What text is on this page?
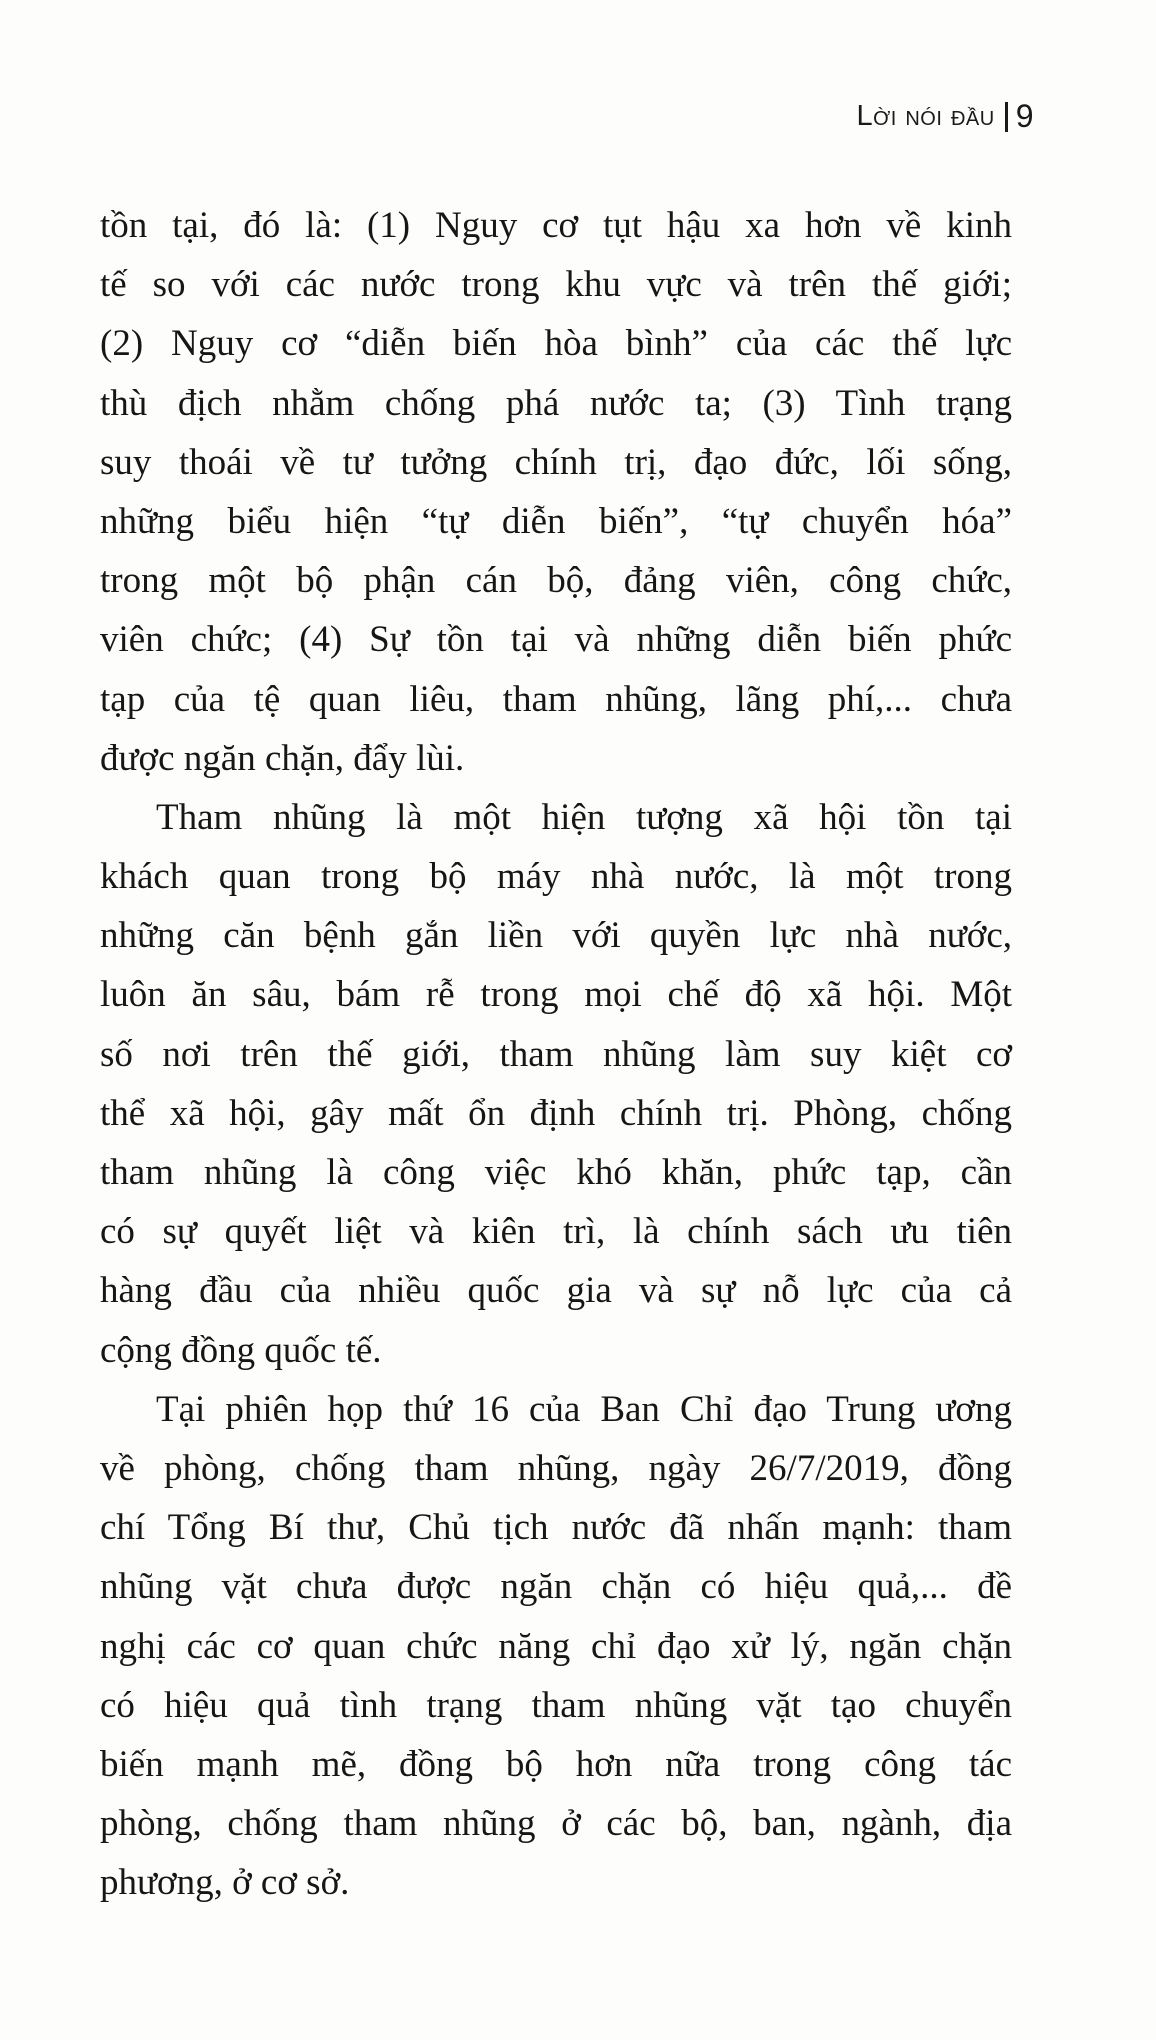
Lời nói đầu 9
tồn tại, đó là: (1) Nguy cơ tụt hậu xa hơn về kinh
tế so với các nước trong khu vực và trên thế giới;
(2) Nguy cơ “diễn biến hòa bình” của các thế lực
thù địch nhằm chống phá nước ta; (3) Tình trạng
suy thoái về tư tưởng chính trị, đạo đức, lối sống,
những biểu hiện “tự diễn biến”, “tự chuyển hóa”
trong một bộ phận cán bộ, đảng viên, công chức,
viên chức; (4) Sự tồn tại và những diễn biến phức
tạp của tệ quan liêu, tham nhũng, lãng phí,... chưa
được ngăn chặn, đẩy lùi.
Tham nhũng là một hiện tượng xã hội tồn tại
khách quan trong bộ máy nhà nước, là một trong
những căn bệnh gắn liền với quyền lực nhà nước,
luôn ăn sâu, bám rễ trong mọi chế độ xã hội. Một
số nơi trên thế giới, tham nhũng làm suy kiệt cơ
thể xã hội, gây mất ổn định chính trị. Phòng, chống
tham nhũng là công việc khó khăn, phức tạp, cần
có sự quyết liệt và kiên trì, là chính sách ưu tiên
hàng đầu của nhiều quốc gia và sự nỗ lực của cả
cộng đồng quốc tế.
Tại phiên họp thứ 16 của Ban Chỉ đạo Trung ương
về phòng, chống tham nhũng, ngày 26/7/2019, đồng
chí Tổng Bí thư, Chủ tịch nước đã nhấn mạnh: tham
nhũng vặt chưa được ngăn chặn có hiệu quả,... đề
nghị các cơ quan chức năng chỉ đạo xử lý, ngăn chặn
có hiệu quả tình trạng tham nhũng vặt tạo chuyển
biến mạnh mẽ, đồng bộ hơn nữa trong công tác
phòng, chống tham nhũng ở các bộ, ban, ngành, địa
phương, ở cơ sở.
